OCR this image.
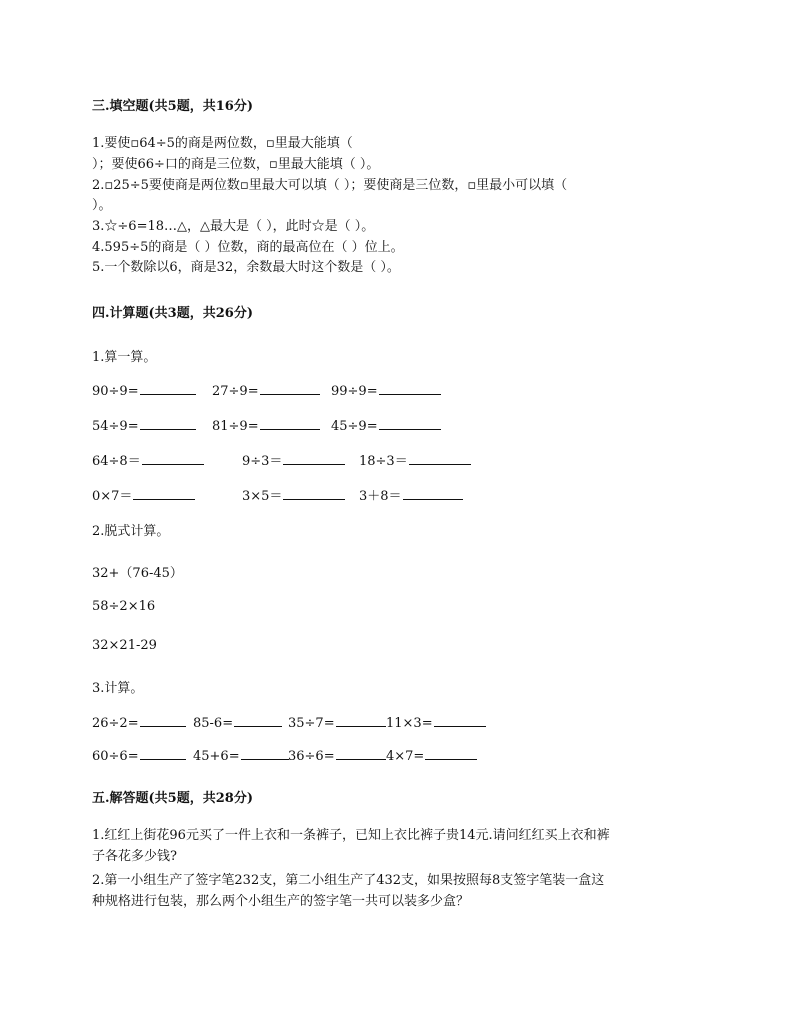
三.填空题(共5题，共16分)
1.要使▫64÷5的商是两位数，▫里最大能填（
）；要使66÷口的商是三位数，▫里最大能填（ ）。
2.▫25÷5要使商是两位数▫里最大可以填（ ）；要使商是三位数，▫里最小可以填（
）。
3.☆÷6=18…△，△最大是（ ），此时☆是（ ）。
4.595÷5的商是（ ）位数，商的最高位在（ ）位上。
5.一个数除以6，商是32，余数最大时这个数是（ ）。
四.计算题(共3题，共26分)
1.算一算。
90÷9=	27÷9=	99÷9=
54÷9=	81÷9=	45÷9=
64÷8＝	9÷3＝	18÷3＝
0×7＝	3×5＝	3＋8＝
2.脱式计算。
32+（76-45）
58÷2×16
32×21-29
3.计算。
26÷2=	85-6=	35÷7=	11×3=
60÷6=	45+6=	36÷6=	4×7=
五.解答题(共5题，共28分)
1.红红上街花96元买了一件上衣和一条裤子，已知上衣比裤子贵14元.请问红红买上衣和裤
子各花多少钱?
2.第一小组生产了签字笔232支，第二小组生产了432支，如果按照每8支签字笔装一盒这
种规格进行包装，那么两个小组生产的签字笔一共可以装多少盒？
